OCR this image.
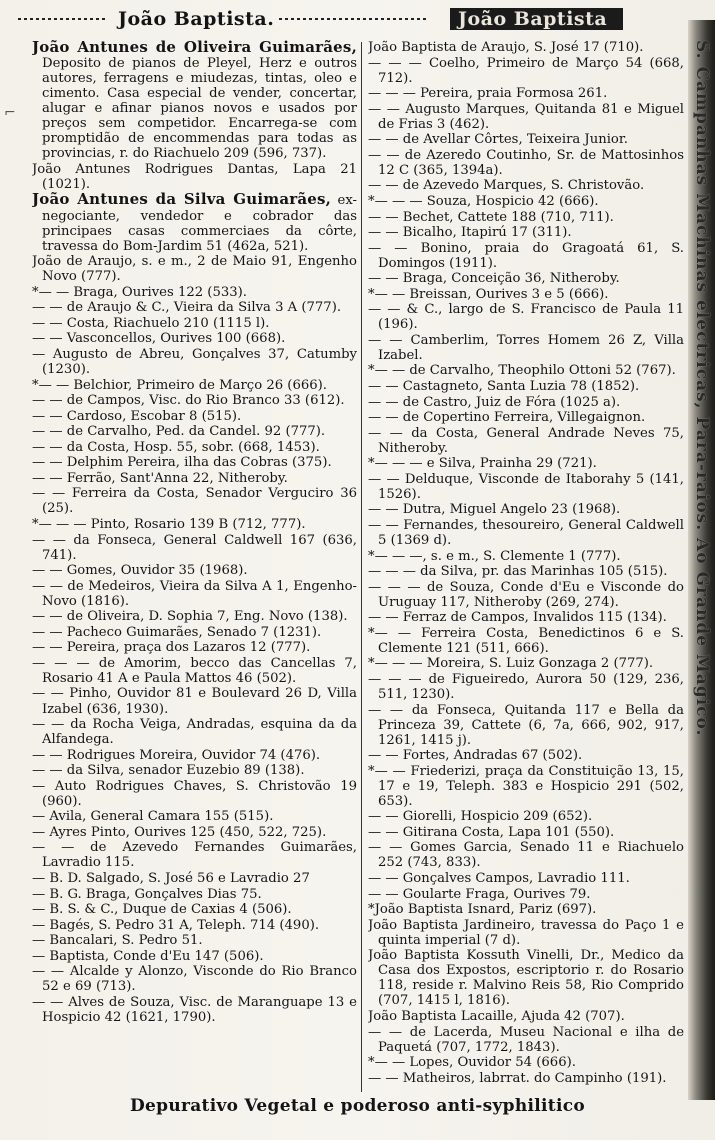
João Baptista.	João Baptista
⌐

João Antunes de Oliveira Guimarães, Deposito de pianos de Pleyel, Herz e outros autores, ferragens e miudezas, tintas, oleo e cimento. Casa especial de vender, concertar, alugar e afinar pianos novos e usados por preços sem competidor. Encarrega-se com promptidão de encommendas para todas as provincias, r. do Riachuelo 209 (596, 737).

João Antunes Rodrigues Dantas, Lapa 21 (1021).

João Antunes da Silva Guimarães, ex-negociante, vendedor e cobrador das principaes casas commerciaes da côrte, travessa do Bom-Jardim 51 (462a, 521).

João de Araujo, s. e m., 2 de Maio 91, Engenho Novo (777).

*— — Braga, Ourives 122 (533).

— — de Araujo & C., Vieira da Silva 3 A (777).

— — Costa, Riachuelo 210 (1115 l).

— — Vasconcellos, Ourives 100 (668).

— Augusto de Abreu, Gonçalves 37, Catumby (1230).

*— — Belchior, Primeiro de Março 26 (666).

— — de Campos, Visc. do Rio Branco 33 (612).

— — Cardoso, Escobar 8 (515).

— — de Carvalho, Ped. da Candel. 92 (777).

— — da Costa, Hosp. 55, sobr. (668, 1453).

— — Delphim Pereira, ilha das Cobras (375).

— — Ferrão, Sant'Anna 22, Nitheroby.

— — Ferreira da Costa, Senador Verguciro 36 (25).

*— — — Pinto, Rosario 139 B (712, 777).

— — da Fonseca, General Caldwell 167 (636, 741).

— — Gomes, Ouvidor 35 (1968).

— — de Medeiros, Vieira da Silva A 1, Engenho-Novo (1816).

— — de Oliveira, D. Sophia 7, Eng. Novo (138).

— — Pacheco Guimarães, Senado 7 (1231).

— — Pereira, praça dos Lazaros 12 (777).

— — — de Amorim, becco das Cancellas 7, Rosario 41 A e Paula Mattos 46 (502).

— — Pinho, Ouvidor 81 e Boulevard 26 D, Villa Izabel (636, 1930).

— — da Rocha Veiga, Andradas, esquina da da Alfandega.

— — Rodrigues Moreira, Ouvidor 74 (476).

— — da Silva, senador Euzebio 89 (138).

— Auto Rodrigues Chaves, S. Christovão 19 (960).

— Avila, General Camara 155 (515).

— Ayres Pinto, Ourives 125 (450, 522, 725).

— — de Azevedo Fernandes Guimarães, Lavradio 115.

— B. D. Salgado, S. José 56 e Lavradio 27

— B. G. Braga, Gonçalves Dias 75.

— B. S. & C., Duque de Caxias 4 (506).

— Bagés, S. Pedro 31 A, Teleph. 714 (490).

— Bancalari, S. Pedro 51.

— Baptista, Conde d'Eu 147 (506).

— — Alcalde y Alonzo, Visconde do Rio Branco 52 e 69 (713).

— — Alves de Souza, Visc. de Maranguape 13 e Hospicio 42 (1621, 1790).

João Baptista de Araujo, S. José 17 (710).

— — — Coelho, Primeiro de Março 54 (668, 712).

— — — Pereira, praia Formosa 261.

— — Augusto Marques, Quitanda 81 e Miguel de Frias 3 (462).

— — de Avellar Côrtes, Teixeira Junior.

— — de Azeredo Coutinho, Sr. de Mattosinhos 12 C (365, 1394a).

— — de Azevedo Marques, S. Christovão.

*— — — Souza, Hospicio 42 (666).

— — Bechet, Cattete 188 (710, 711).

— — Bicalho, Itapirú 17 (311).

— — Bonino, praia do Gragoatá 61, S. Domingos (1911).

— — Braga, Conceição 36, Nitheroby.

*— — Breissan, Ourives 3 e 5 (666).

— — & C., largo de S. Francisco de Paula 11 (196).

— — Camberlim, Torres Homem 26 Z, Villa Izabel.

*— — de Carvalho, Theophilo Ottoni 52 (767).

— — Castagneto, Santa Luzia 78 (1852).

— — de Castro, Juiz de Fóra (1025 a).

— — de Copertino Ferreira, Villegaignon.

— — da Costa, General Andrade Neves 75, Nitheroby.

*— — — e Silva, Prainha 29 (721).

— — Delduque, Visconde de Itaborahy 5 (141, 1526).

— — Dutra, Miguel Angelo 23 (1968).

— — Fernandes, thesoureiro, General Caldwell 5 (1369 d).

*— — —, s. e m., S. Clemente 1 (777).

— — — da Silva, pr. das Marinhas 105 (515).

— — — de Souza, Conde d'Eu e Visconde do Uruguay 117, Nitheroby (269, 274).

— — Ferraz de Campos, Invalidos 115 (134).

*— — Ferreira Costa, Benedictinos 6 e S. Clemente 121 (511, 666).

*— — — Moreira, S. Luiz Gonzaga 2 (777).

— — — de Figueiredo, Aurora 50 (129, 236, 511, 1230).

— — da Fonseca, Quitanda 117 e Bella da Princeza 39, Cattete (6, 7a, 666, 902, 917, 1261, 1415 j).

— — Fortes, Andradas 67 (502).

*— — Friederizi, praça da Constituição 13, 15, 17 e 19, Teleph. 383 e Hospicio 291 (502, 653).

— — Giorelli, Hospicio 209 (652).

— — Gitirana Costa, Lapa 101 (550).

— — Gomes Garcia, Senado 11 e Riachuelo 252 (743, 833).

— — Gonçalves Campos, Lavradio 111.

— — Goularte Fraga, Ourives 79.

*João Baptista Isnard, Pariz (697).

João Baptista Jardineiro, travessa do Paço 1 e quinta imperial (7 d).

João Baptista Kossuth Vinelli, Dr., Medico da Casa dos Expostos, escriptorio r. do Rosario 118, reside r. Malvino Reis 58, Rio Comprido (707, 1415 l, 1816).

João Baptista Lacaille, Ajuda 42 (707).

— — de Lacerda, Museu Nacional e ilha de Paquetá (707, 1772, 1843).

*— — Lopes, Ouvidor 54 (666).

— — Matheiros, labrrat. do Campinho (191).

S. Campanhas Machinas electricas, Para-raios. Ao Grande Magico.
Depurativo Vegetal e poderoso anti-syphilitico
